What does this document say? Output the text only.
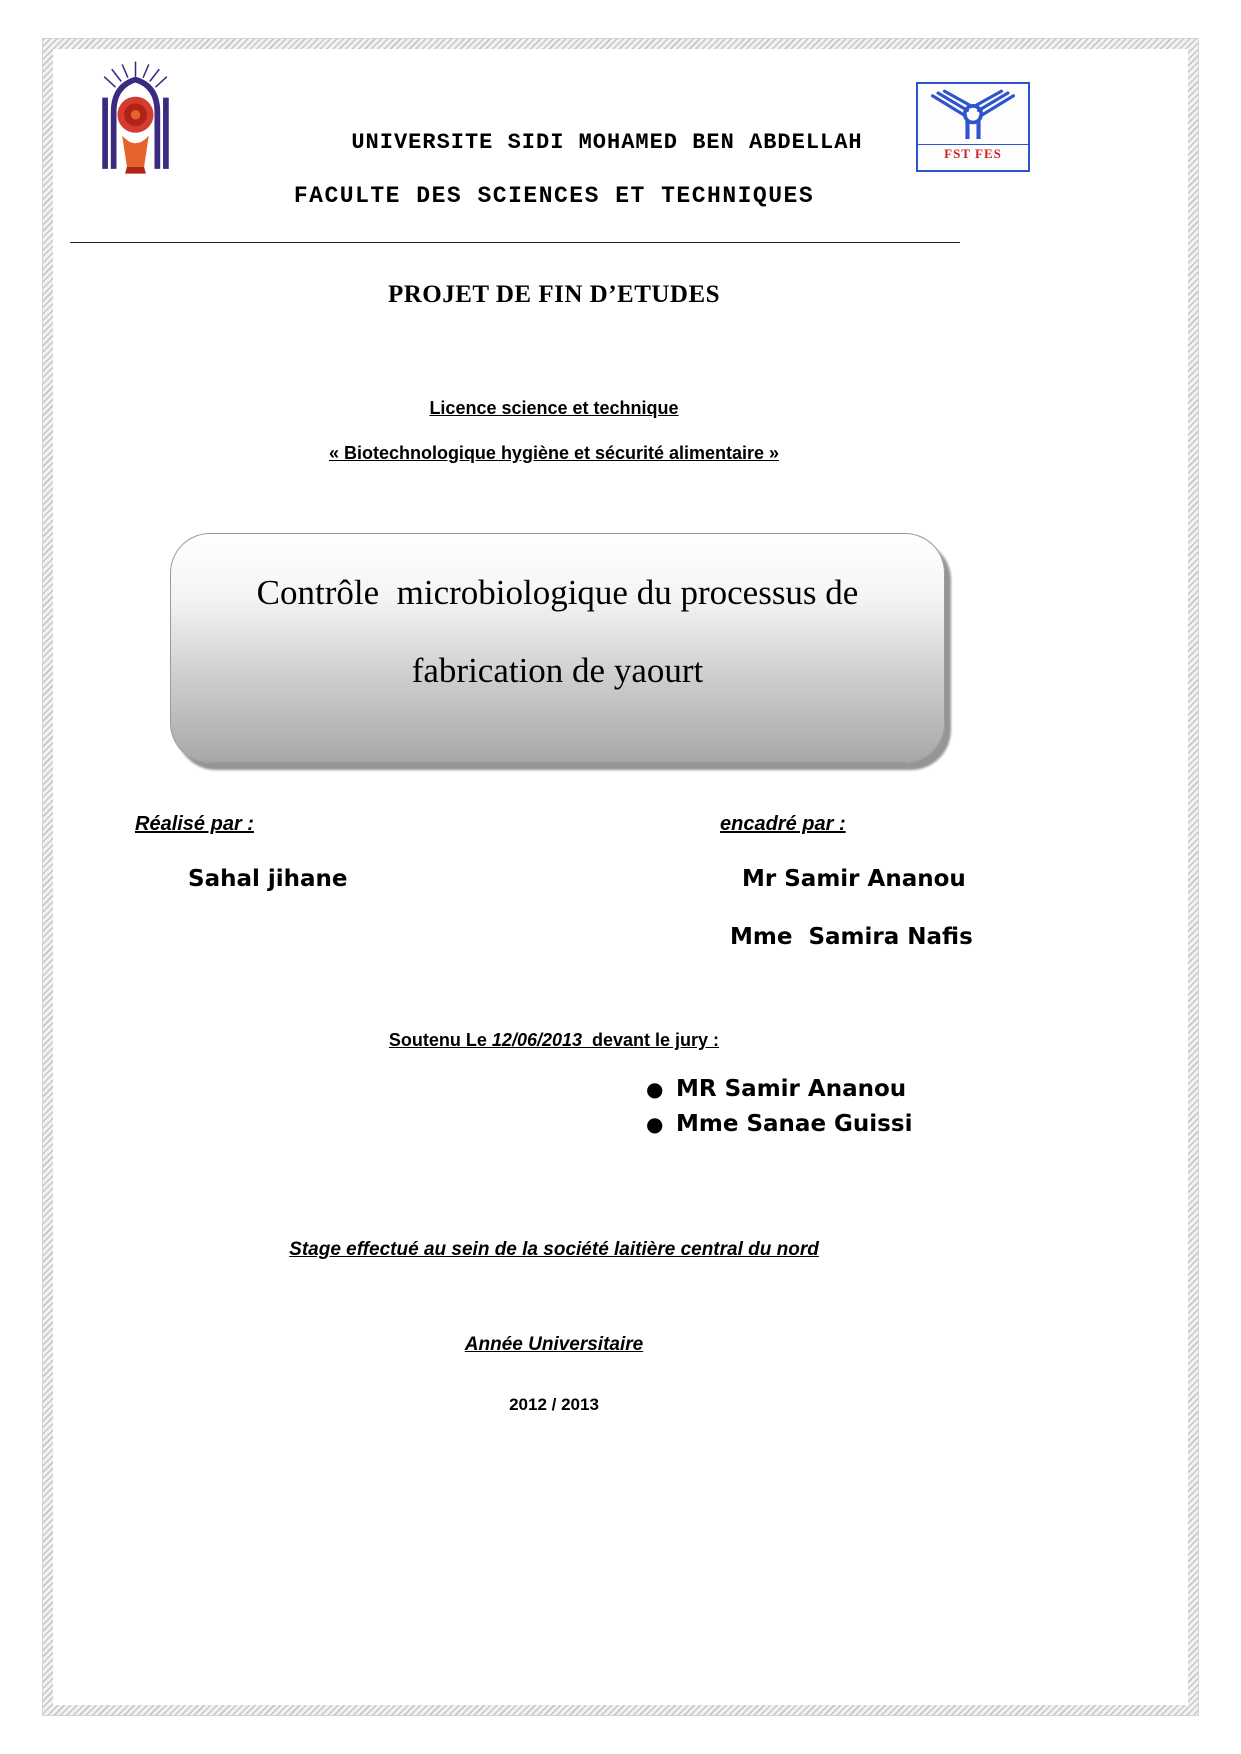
FST FES
UNIVERSITE SIDI MOHAMED BEN ABDELLAH
FACULTE DES SCIENCES ET TECHNIQUES
PROJET DE FIN D’ETUDES
Licence science et technique
« Biotechnologique hygiène et sécurité alimentaire »
Contrôle  microbiologique du processus de
fabrication de yaourt
Réalisé par :	encadré par :
Sahal jihane	Mr Samir Ananou
Mme  Samira Nafis
Soutenu Le 12/06/2013  devant le jury :
● MR Samir Ananou
● Mme Sanae Guissi
Stage effectué au sein de la société laitière central du nord
Année Universitaire
2012 / 2013
